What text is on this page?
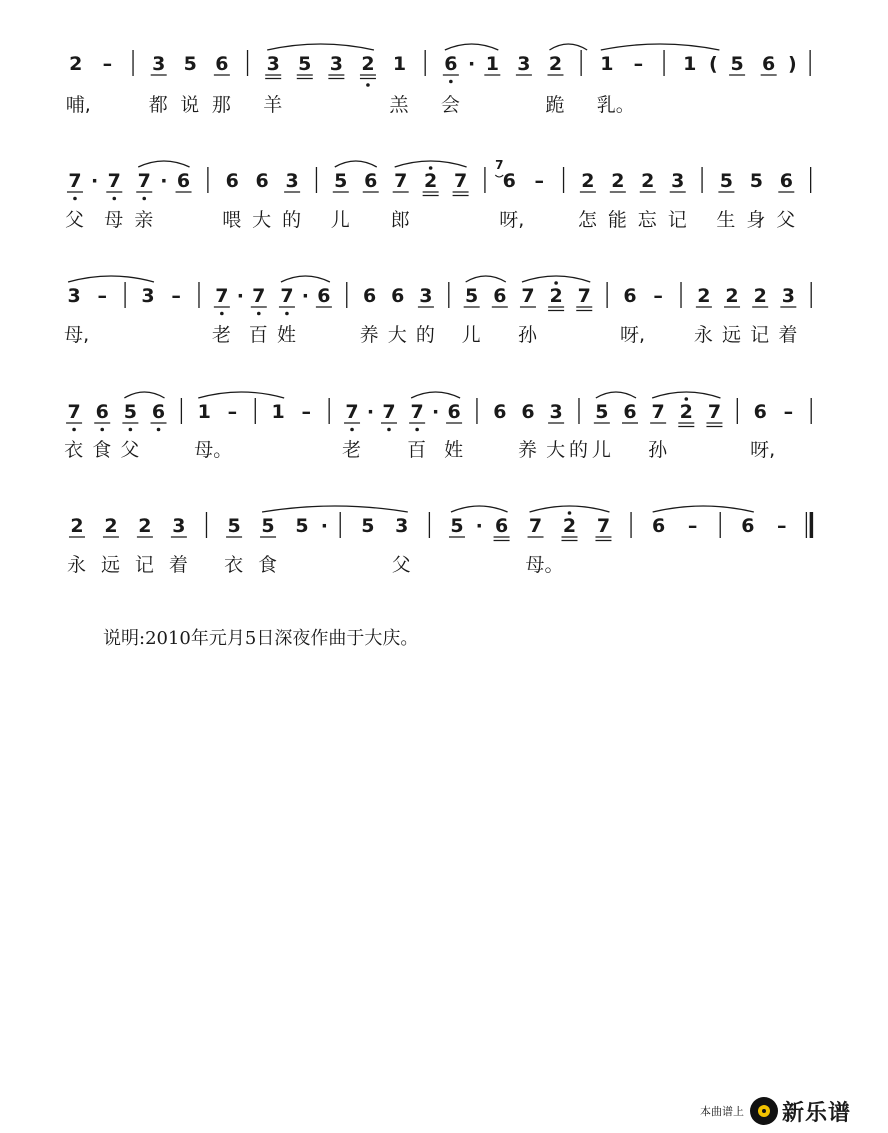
2 – 3 5 6 3 5 3 2 1 6 · 1 3 2 1 – 1 ( 5 6 )
哺,	都 说 那 羊	羔 会	跪 乳。
7 · 7 7 · 6 6 6 3 5 6 7 2 7 6
7
– 2 2 2 3 5 5 6
父 母 亲	喂 大 的 儿 郎	呀,	怎 能 忘 记 生 身 父
3 – 3 – 7 · 7 7 · 6 6 6 3 5 6 7 2 7 6 – 2 2 2 3
母,	老 百 姓	养 大 的 儿 孙	呀,	永 远 记 着
7 6 5 6 1 – 1 – 7 · 7 7 · 6 6 6 3 5 6 7 2 7 6 –
衣 食 父	母。	老 百 姓	养 大 的 儿 孙	呀,
2 2 2 3 5 5 5 · 5 3 5 · 6 7 2 7 6 – 6 –
永 远 记 着 衣 食	父	母。

说明:2010年元月5日深夜作曲于大庆。

本曲谱上 新乐谱
